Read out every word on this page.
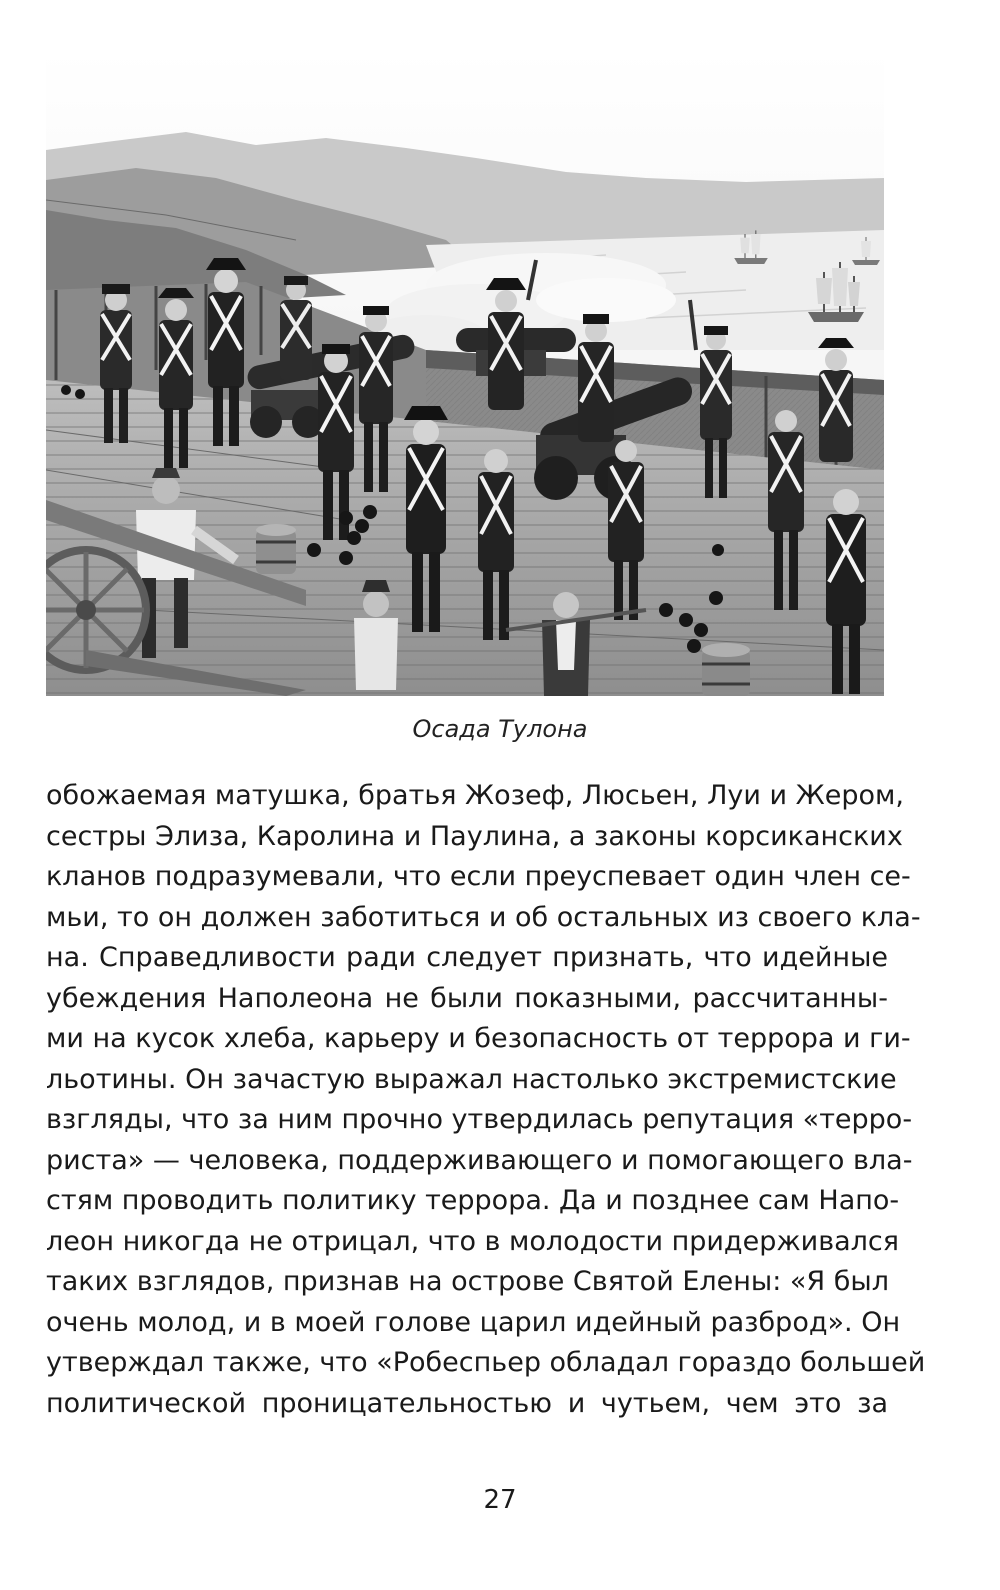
Осада Тулона
обожаемая матушка, братья Жозеф, Люсьен, Луи и Жером,
сестры Элиза, Каролина и Паулина, а законы корсиканских
кланов подразумевали, что если преуспевает один член се-
мьи, то он должен заботиться и об остальных из своего кла-
на. Справедливости ради следует признать, что идейные
убеждения Наполеона не были показными, рассчитанны-
ми на кусок хлеба, карьеру и безопасность от террора и ги-
льотины. Он зачастую выражал настолько экстремистские
взгляды, что за ним прочно утвердилась репутация «терро-
риста» — человека, поддерживающего и помогающего вла-
стям проводить политику террора. Да и позднее сам Напо-
леон никогда не отрицал, что в молодости придерживался
таких взглядов, признав на острове Святой Елены: «Я был
очень молод, и в моей голове царил идейный разброд». Он
утверждал также, что «Робеспьер обладал гораздо большей
политической проницательностью и чутьем, чем это за
27
